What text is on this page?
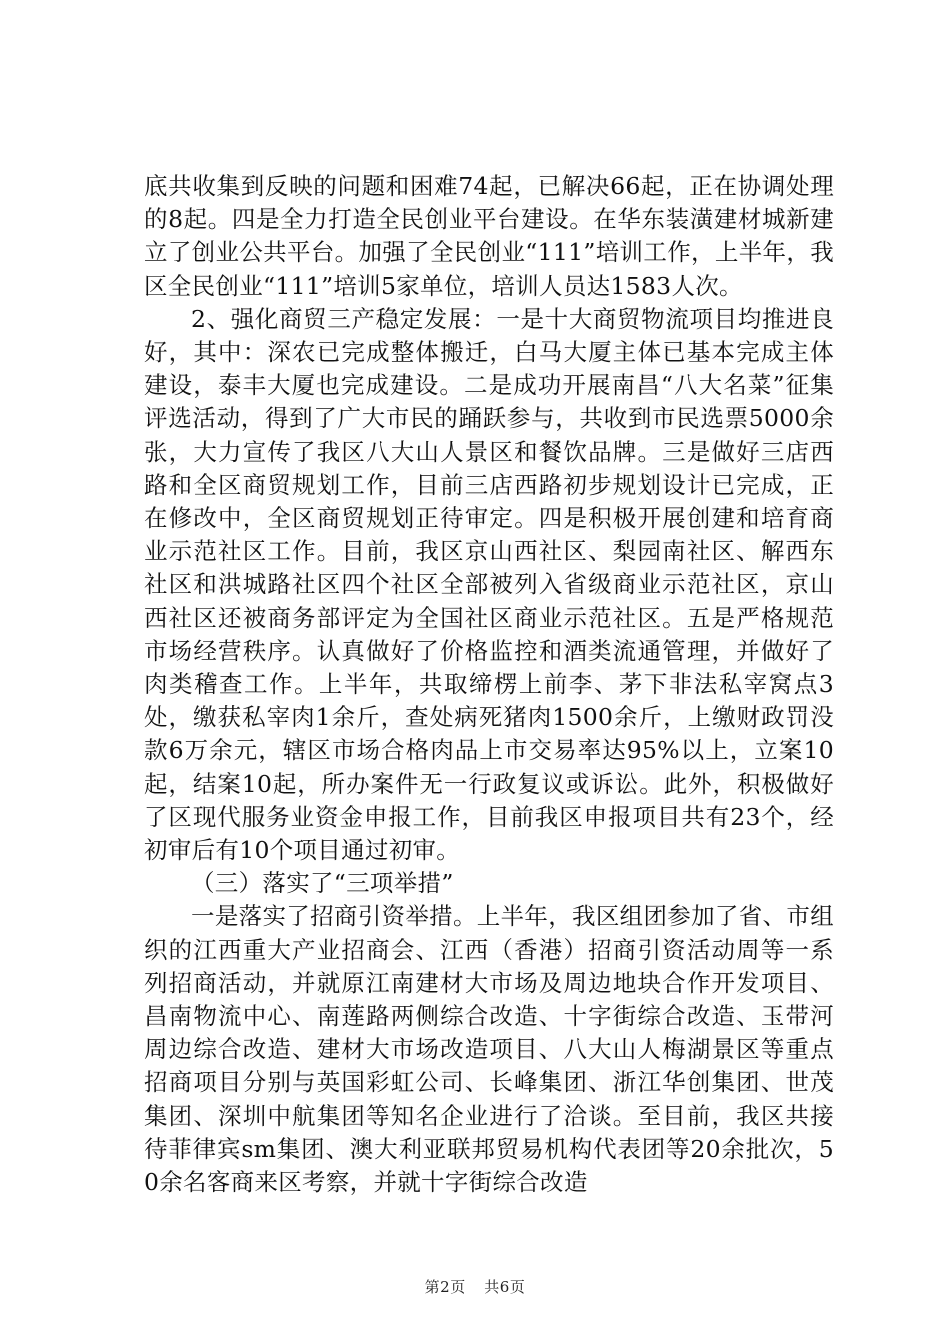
底共收集到反映的问题和困难74起，已解决66起，正在协调处理的8起。四是全力打造全民创业平台建设。在华东装潢建材城新建立了创业公共平台。加强了全民创业“111”培训工作，上半年，我区全民创业“111”培训5家单位，培训人员达1583人次。

2、强化商贸三产稳定发展：一是十大商贸物流项目均推进良好，其中：深农已完成整体搬迁，白马大厦主体已基本完成主体建设，泰丰大厦也完成建设。二是成功开展南昌“八大名菜”征集评选活动，得到了广大市民的踊跃参与，共收到市民选票5000余张，大力宣传了我区八大山人景区和餐饮品牌。三是做好三店西路和全区商贸规划工作，目前三店西路初步规划设计已完成，正在修改中，全区商贸规划正待审定。四是积极开展创建和培育商业示范社区工作。目前，我区京山西社区、梨园南社区、解西东社区和洪城路社区四个社区全部被列入省级商业示范社区，京山西社区还被商务部评定为全国社区商业示范社区。五是严格规范市场经营秩序。认真做好了价格监控和酒类流通管理，并做好了肉类稽查工作。上半年，共取缔楞上前李、茅下非法私宰窝点3处，缴获私宰肉1余斤，查处病死猪肉1500余斤，上缴财政罚没款6万余元，辖区市场合格肉品上市交易率达95%以上，立案10起，结案10起，所办案件无一行政复议或诉讼。此外，积极做好了区现代服务业资金申报工作，目前我区申报项目共有23个，经初审后有10个项目通过初审。

（三）落实了“三项举措”

一是落实了招商引资举措。上半年，我区组团参加了省、市组织的江西重大产业招商会、江西（香港）招商引资活动周等一系列招商活动，并就原江南建材大市场及周边地块合作开发项目、昌南物流中心、南莲路两侧综合改造、十字街综合改造、玉带河周边综合改造、建材大市场改造项目、八大山人梅湖景区等重点招商项目分别与英国彩虹公司、长峰集团、浙江华创集团、世茂集团、深圳中航集团等知名企业进行了洽谈。至目前，我区共接待菲律宾sm集团、澳大利亚联邦贸易机构代表团等20余批次，50余名客商来区考察，并就十字街综合改造

第2页   共6页
